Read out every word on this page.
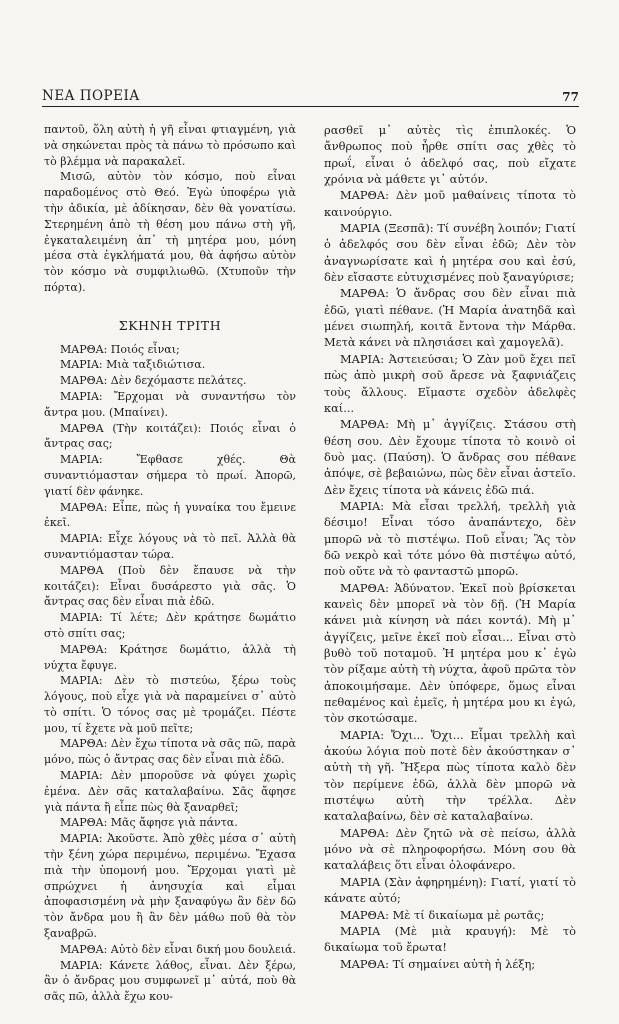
ΝΕΑ ΠΟΡΕΙΑ	77

παντοῦ, ὅλη αὐτὴ ἡ γῆ εἶναι φτιαγμένη, γιὰ νὰ σηκώνεται πρὸς τὰ πάνω τὸ πρόσωπο καὶ τὸ βλέμμα νὰ παρακαλεῖ.

Μισῶ, αὐτὸν τὸν κόσμο, ποὺ εἶναι παραδομένος στὸ Θεό. Ἐγὼ ὑποφέρω γιὰ τὴν ἀδικία, μὲ ἀδίκησαν, δὲν θὰ γονατίσω. Στερημένη ἀπὸ τὴ θέση μου πάνω στὴ γῆ, ἐγκαταλειμένη ἀπ᾽ τὴ μητέρα μου, μόνη μέσα στὰ ἐγκλήματά μου, θὰ ἀφήσω αὐτὸν τὸν κόσμο νὰ συμφιλιωθῶ. (Χτυποῦν τὴν πόρτα).

ΣΚΗΝΗ ΤΡΙΤΗ

ΜΑΡΘΑ: Ποιός εἶναι;

ΜΑΡΙΑ: Μιὰ ταξιδιώτισα.

ΜΑΡΘΑ: Δὲν δεχόμαστε πελάτες.

ΜΑΡΙΑ: Ἔρχομαι νὰ συναντήσω τὸν ἄντρα μου. (Μπαίνει).

ΜΑΡΘΑ (Τὴν κοιτάζει): Ποιός εἶναι ὁ ἄντρας σας;

ΜΑΡΙΑ: Ἔφθασε χθές. Θὰ συναντιόμασταν σήμερα τὸ πρωί. Ἀπορῶ, γιατί δὲν φάνηκε.

ΜΑΡΘΑ: Εἶπε, πὼς ἡ γυναίκα του ἔμεινε ἐκεῖ.

ΜΑΡΙΑ: Εἶχε λόγους νὰ τὸ πεῖ. Ἀλλὰ θὰ συναντιόμασταν τώρα.

ΜΑΡΘΑ (Ποὺ δὲν ἔπαυσε νὰ τὴν κοιτάζει): Εἶναι δυσάρεστο γιὰ σᾶς. Ὁ ἄντρας σας δὲν εἶναι πιὰ ἐδῶ.

ΜΑΡΙΑ: Τί λέτε; Δὲν κράτησε δωμάτιο στὸ σπίτι σας;

ΜΑΡΘΑ: Κράτησε δωμάτιο, ἀλλὰ τὴ νύχτα ἔφυγε.

ΜΑΡΙΑ: Δὲν τὸ πιστεύω, ξέρω τοὺς λόγους, ποὺ εἶχε γιὰ νὰ παραμείνει σ᾽ αὐτὸ τὸ σπίτι. Ὁ τόνος σας μὲ τρομάζει. Πέστε μου, τί ἔχετε νὰ μοῦ πεῖτε;

ΜΑΡΘΑ: Δὲν ἔχω τίποτα νὰ σᾶς πῶ, παρὰ μόνο, πὼς ὁ ἄντρας σας δὲν εἶναι πιὰ ἐδῶ.

ΜΑΡΙΑ: Δὲν μποροῦσε νὰ φύγει χωρὶς ἐμένα. Δὲν σᾶς καταλαβαίνω. Σᾶς ἄφησε γιὰ πάντα ἢ εἶπε πὼς θὰ ξαναρθεῖ;

ΜΑΡΘΑ: Μᾶς ἄφησε γιὰ πάντα.

ΜΑΡΙΑ: Ἀκοῦστε. Ἀπὸ χθὲς μέσα σ᾽ αὐτὴ τὴν ξένη χώρα περιμένω, περιμένω. Ἔχασα πιὰ τὴν ὑπομονή μου. Ἔρχομαι γιατὶ μὲ σπρώχνει ἡ ἀνησυχία καὶ εἶμαι ἀποφασισμένη νὰ μὴν ξαναφύγω ἂν δὲν δῶ τὸν ἄνδρα μου ἢ ἂν δὲν μάθω ποῦ θὰ τὸν ξαναβρῶ.

ΜΑΡΘΑ: Αὐτὸ δὲν εἶναι δική μου δουλειά.

ΜΑΡΙΑ: Κάνετε λάθος, εἶναι. Δὲν ξέρω, ἂν ὁ ἄνδρας μου συμφωνεῖ μ᾽ αὐτά, ποὺ θὰ σᾶς πῶ, ἀλλὰ ἔχω κου-

ρασθεῖ μ᾽ αὐτὲς τὶς ἐπιπλοκές. Ὁ ἄνθρωπος ποὺ ἦρθε σπίτι σας χθὲς τὸ πρωΐ, εἶναι ὁ ἀδελφό σας, ποὺ εἴχατε χρόνια νὰ μάθετε γι᾽ αὐτόν.

ΜΑΡΘΑ: Δὲν μοῦ μαθαίνεις τίποτα τὸ καινούργιο.

ΜΑΡΙΑ (Ξεσπᾶ): Τί συνέβη λοιπόν; Γιατί ὁ ἀδελφός σου δὲν εἶναι ἐδῶ; Δὲν τὸν ἀναγνωρίσατε καὶ ἡ μητέρα σου καὶ ἐσύ, δὲν εἴσαστε εὐτυχισμένες ποὺ ξαναγύρισε;

ΜΑΡΘΑ: Ὁ ἄνδρας σου δὲν εἶναι πιὰ ἐδῶ, γιατὶ πέθανε. (Ἡ Μαρία ἀνατηδᾶ καὶ μένει σιωπηλή, κοιτᾶ ἔντονα τὴν Μάρθα. Μετὰ κάνει νὰ πλησιάσει καὶ χαμογελᾶ).

ΜΑΡΙΑ: Ἀστειεύσαι; Ὁ Ζὰν μοῦ ἔχει πεῖ πὼς ἀπὸ μικρὴ σοῦ ἄρεσε νὰ ξαφνιάζεις τοὺς ἄλλους. Εἴμαστε σχεδὸν ἀδελφὲς καί...

ΜΑΡΘΑ: Μὴ μ᾽ ἀγγίζεις. Στάσου στὴ θέση σου. Δὲν ἔχουμε τίποτα τὸ κοινὸ οἱ δυὸ μας. (Παύση). Ὁ ἄνδρας σου πέθανε ἀπόψε, σὲ βεβαιώνω, πὼς δὲν εἶναι ἀστεῖο. Δὲν ἔχεις τίποτα νὰ κάνεις ἐδῶ πιά.

ΜΑΡΙΑ: Μὰ εἶσαι τρελλή, τρελλὴ γιὰ δέσιμο! Εἶναι τόσο ἀναπάντεχο, δὲν μπορῶ νὰ τὸ πιστέψω. Ποῦ εἶναι; Ἂς τὸν δῶ νεκρὸ καὶ τότε μόνο θὰ πιστέψω αὐτό, ποὺ οὔτε νὰ τὸ φανταστῶ μπορῶ.

ΜΑΡΘΑ: Ἀδύνατον. Ἐκεῖ ποὺ βρίσκεται κανεὶς δὲν μπορεῖ νὰ τὸν δῇ. (Ἡ Μαρία κάνει μιὰ κίνηση νὰ πάει κοντά). Μὴ μ᾽ ἀγγίζεις, μεῖνε ἐκεῖ ποὺ εἶσαι... Εἶναι στὸ βυθὸ τοῦ ποταμοῦ. Ἡ μητέρα μου κ᾽ ἐγὼ τὸν ρίξαμε αὐτὴ τὴ νύχτα, ἀφοῦ πρῶτα τὸν ἀποκοιμήσαμε. Δὲν ὑπόφερε, ὅμως εἶναι πεθαμένος καὶ ἐμεῖς, ἡ μητέρα μου κι ἐγώ, τὸν σκοτώσαμε.

ΜΑΡΙΑ: Ὄχι... Ὄχι... Εἶμαι τρελλὴ καὶ ἀκούω λόγια ποὺ ποτὲ δὲν ἀκούστηκαν σ᾽ αὐτὴ τὴ γῆ. Ἤξερα πὼς τίποτα καλὸ δὲν τὸν περίμενε ἐδῶ, ἀλλὰ δὲν μπορῶ νὰ πιστέψω αὐτὴ τὴν τρέλλα. Δὲν καταλαβαίνω, δὲν σὲ καταλαβαίνω.

ΜΑΡΘΑ: Δὲν ζητῶ νὰ σὲ πείσω, ἀλλὰ μόνο νὰ σὲ πληροφορήσω. Μόνη σου θὰ καταλάβεις ὅτι εἶναι ὀλοφάνερο.

ΜΑΡΙΑ (Σὰν ἀφηρημένη): Γιατί, γιατί τὸ κάνατε αὐτό;

ΜΑΡΘΑ: Μὲ τί δικαίωμα μὲ ρωτᾶς;

ΜΑΡΙΑ (Μὲ μιὰ κραυγή): Μὲ τὸ δικαίωμα τοῦ ἔρωτα!

ΜΑΡΘΑ: Τί σημαίνει αὐτὴ ἡ λέξη;
